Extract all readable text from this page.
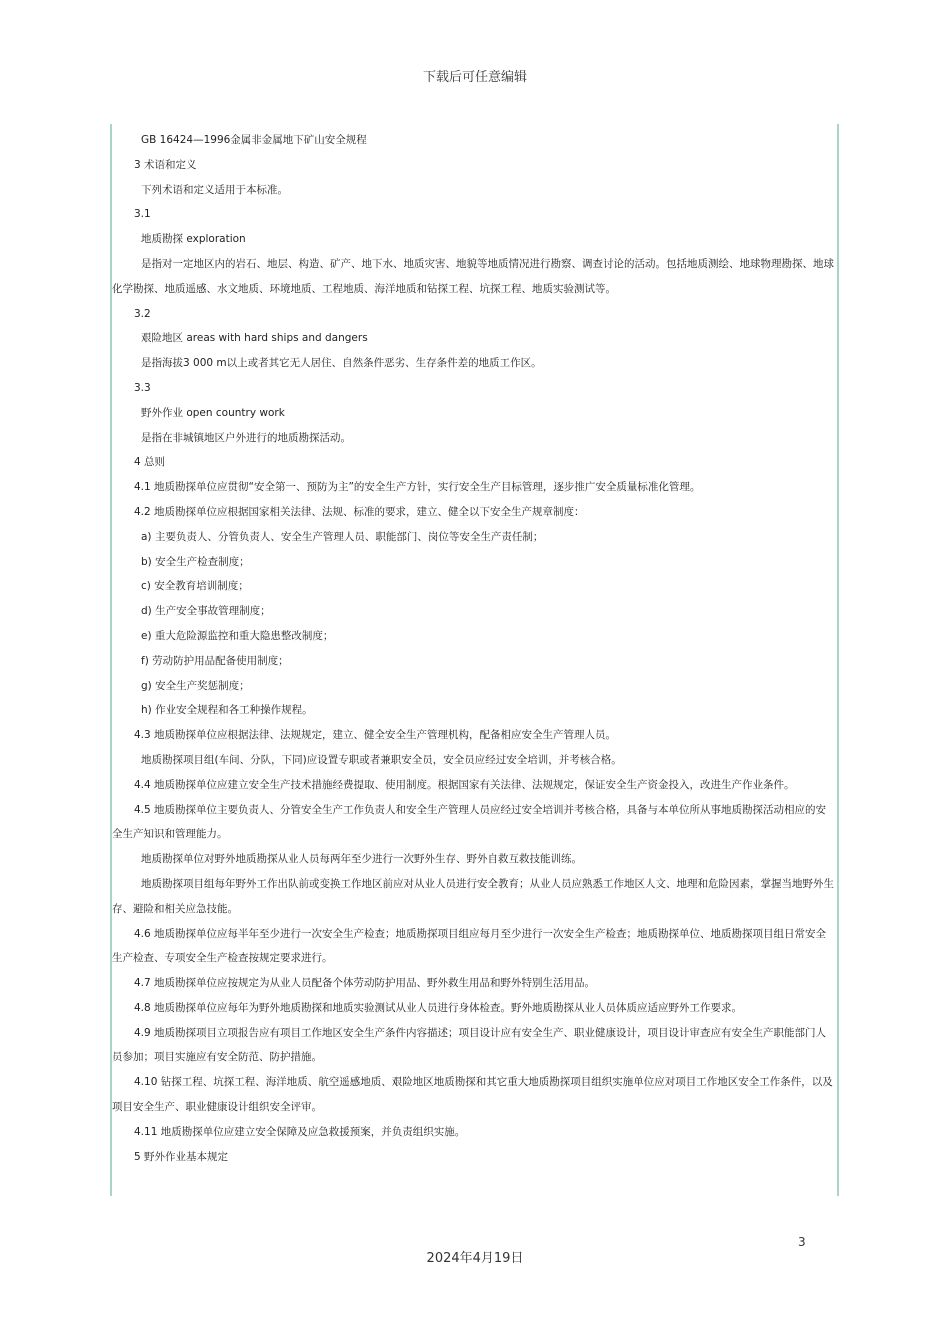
下载后可任意编辑

GB 16424—1996金属非金属地下矿山安全规程

3 术语和定义

下列术语和定义适用于本标准。

3.1

地质勘探 exploration

是指对一定地区内的岩石、地层、构造、矿产、地下水、地质灾害、地貌等地质情况进行勘察、调查讨论的活动。包括地质测绘、地球物理勘探、地球化学勘探、地质遥感、水文地质、环境地质、工程地质、海洋地质和钻探工程、坑探工程、地质实验测试等。

3.2

艰险地区 areas with hard ships and dangers

是指海拔3 000 m以上或者其它无人居住、自然条件恶劣、生存条件差的地质工作区。

3.3

野外作业 open country work

是指在非城镇地区户外进行的地质勘探活动。

4 总则

4.1 地质勘探单位应贯彻“安全第一、预防为主”的安全生产方针，实行安全生产目标管理，逐步推广安全质量标准化管理。

4.2 地质勘探单位应根据国家相关法律、法规、标准的要求，建立、健全以下安全生产规章制度：

a) 主要负责人、分管负责人、安全生产管理人员、职能部门、岗位等安全生产责任制；

b) 安全生产检查制度；

c) 安全教育培训制度；

d) 生产安全事故管理制度；

e) 重大危险源监控和重大隐患整改制度；

f) 劳动防护用品配备使用制度；

g) 安全生产奖惩制度；

h) 作业安全规程和各工种操作规程。

4.3 地质勘探单位应根据法律、法规规定，建立、健全安全生产管理机构，配备相应安全生产管理人员。

地质勘探项目组(车间、分队，下同)应设置专职或者兼职安全员，安全员应经过安全培训，并考核合格。

4.4 地质勘探单位应建立安全生产技术措施经费提取、使用制度。根据国家有关法律、法规规定，保证安全生产资金投入，改进生产作业条件。

4.5 地质勘探单位主要负责人、分管安全生产工作负责人和安全生产管理人员应经过安全培训并考核合格，具备与本单位所从事地质勘探活动相应的安全生产知识和管理能力。

地质勘探单位对野外地质勘探从业人员每两年至少进行一次野外生存、野外自救互救技能训练。

地质勘探项目组每年野外工作出队前或变换工作地区前应对从业人员进行安全教育；从业人员应熟悉工作地区人文、地理和危险因素，掌握当地野外生存、避险和相关应急技能。

4.6 地质勘探单位应每半年至少进行一次安全生产检查；地质勘探项目组应每月至少进行一次安全生产检查；地质勘探单位、地质勘探项目组日常安全生产检查、专项安全生产检查按规定要求进行。

4.7 地质勘探单位应按规定为从业人员配备个体劳动防护用品、野外救生用品和野外特别生活用品。

4.8 地质勘探单位应每年为野外地质勘探和地质实验测试从业人员进行身体检查。野外地质勘探从业人员体质应适应野外工作要求。

4.9 地质勘探项目立项报告应有项目工作地区安全生产条件内容描述；项目设计应有安全生产、职业健康设计，项目设计审查应有安全生产职能部门人员参加；项目实施应有安全防范、防护措施。

4.10 钻探工程、坑探工程、海洋地质、航空遥感地质、艰险地区地质勘探和其它重大地质勘探项目组织实施单位应对项目工作地区安全工作条件，以及项目安全生产、职业健康设计组织安全评审。

4.11 地质勘探单位应建立安全保障及应急救援预案，并负责组织实施。

5 野外作业基本规定

3
2024年4月19日
